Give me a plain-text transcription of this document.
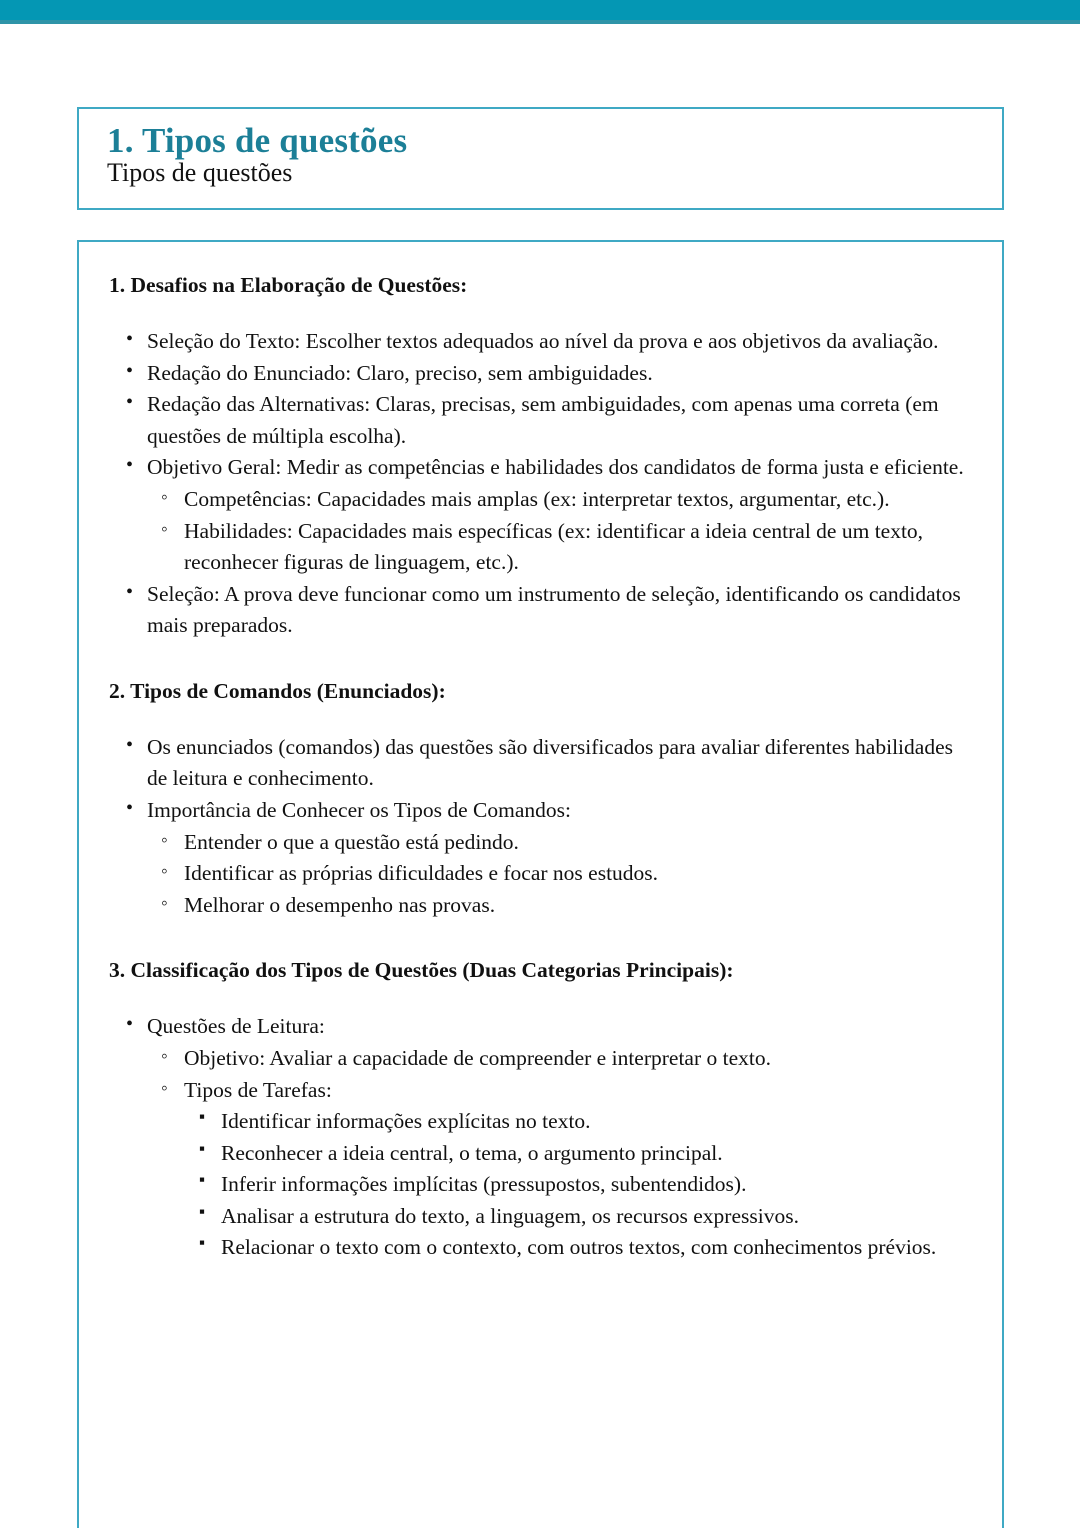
1. Tipos de questões
Tipos de questões
1. Desafios na Elaboração de Questões:
• Seleção do Texto: Escolher textos adequados ao nível da prova e aos objetivos da avaliação.
• Redação do Enunciado: Claro, preciso, sem ambiguidades.
• Redação das Alternativas: Claras, precisas, sem ambiguidades, com apenas uma correta (em questões de múltipla escolha).
• Objetivo Geral: Medir as competências e habilidades dos candidatos de forma justa e eficiente.
◦ Competências: Capacidades mais amplas (ex: interpretar textos, argumentar, etc.).
◦ Habilidades: Capacidades mais específicas (ex: identificar a ideia central de um texto, reconhecer figuras de linguagem, etc.).
• Seleção: A prova deve funcionar como um instrumento de seleção, identificando os candidatos mais preparados.
2. Tipos de Comandos (Enunciados):
• Os enunciados (comandos) das questões são diversificados para avaliar diferentes habilidades de leitura e conhecimento.
• Importância de Conhecer os Tipos de Comandos:
◦ Entender o que a questão está pedindo.
◦ Identificar as próprias dificuldades e focar nos estudos.
◦ Melhorar o desempenho nas provas.
3. Classificação dos Tipos de Questões (Duas Categorias Principais):
• Questões de Leitura:
◦ Objetivo: Avaliar a capacidade de compreender e interpretar o texto.
◦ Tipos de Tarefas:
▪ Identificar informações explícitas no texto.
▪ Reconhecer a ideia central, o tema, o argumento principal.
▪ Inferir informações implícitas (pressupostos, subentendidos).
▪ Analisar a estrutura do texto, a linguagem, os recursos expressivos.
▪ Relacionar o texto com o contexto, com outros textos, com conhecimentos prévios.
